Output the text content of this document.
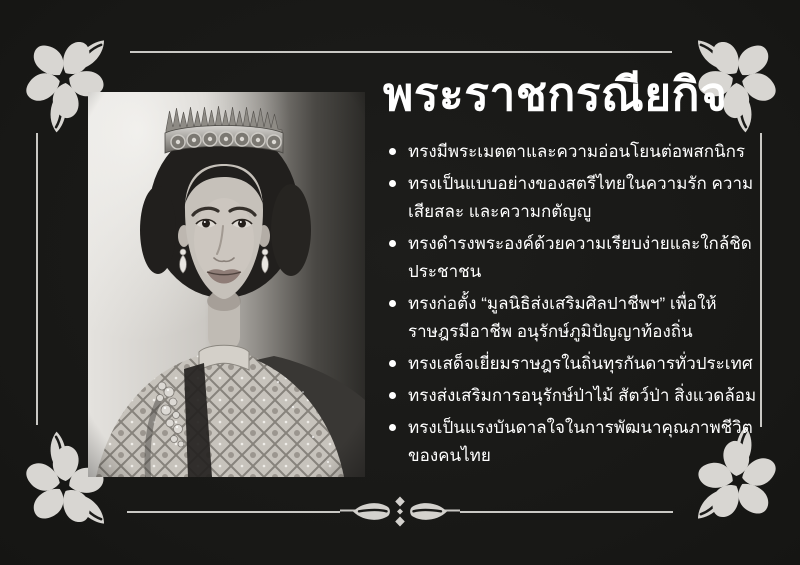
พระราชกรณียกิจ
ทรงมีพระเมตตาและความอ่อนโยนต่อพสกนิกร
ทรงเป็นแบบอย่างของสตรีไทยในความรัก ความเสียสละ และความกตัญญู
ทรงดำรงพระองค์ด้วยความเรียบง่ายและใกล้ชิด​ประชาชน
ทรงก่อตั้ง “มูลนิธิส่งเสริมศิลปาชีพฯ” เพื่อให้ราษฎร​มีอาชีพ อนุรักษ์ภูมิปัญญาท้องถิ่น
ทรงเสด็จเยี่ยมราษฎรในถิ่นทุรกันดารทั่วประเทศ
ทรงส่งเสริมการอนุรักษ์ป่าไม้ สัตว์ป่า สิ่งแวดล้อม
ทรงเป็นแรงบันดาลใจในการพัฒนาคุณภาพชีวิต​ของคนไทย
